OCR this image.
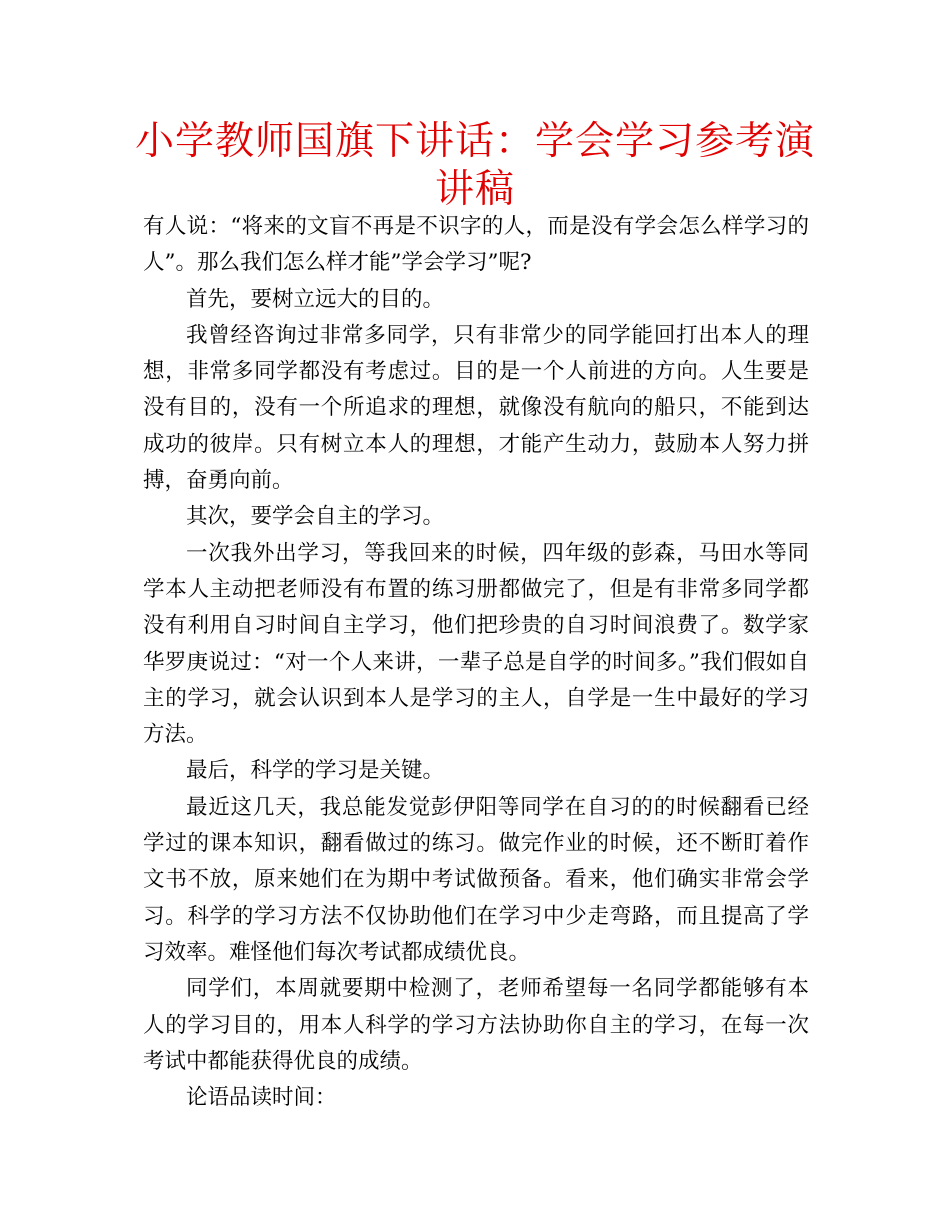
小学教师国旗下讲话：学会学习参考演讲稿

有人说：“将来的文盲不再是不识字的人，而是没有学会怎么样学习的人”。那么我们怎么样才能”学会学习”呢?

首先，要树立远大的目的。

我曾经咨询过非常多同学，只有非常少的同学能回打出本人的理想，非常多同学都没有考虑过。目的是一个人前进的方向。人生要是没有目的，没有一个所追求的理想，就像没有航向的船只，不能到达成功的彼岸。只有树立本人的理想，才能产生动力，鼓励本人努力拼搏，奋勇向前。

其次，要学会自主的学习。

一次我外出学习，等我回来的时候，四年级的彭森，马田水等同学本人主动把老师没有布置的练习册都做完了，但是有非常多同学都没有利用自习时间自主学习，他们把珍贵的自习时间浪费了。数学家华罗庚说过：“对一个人来讲，一辈子总是自学的时间多。”我们假如自主的学习，就会认识到本人是学习的主人，自学是一生中最好的学习方法。

最后，科学的学习是关键。

最近这几天，我总能发觉彭伊阳等同学在自习的的时候翻看已经学过的课本知识，翻看做过的练习。做完作业的时候，还不断盯着作文书不放，原来她们在为期中考试做预备。看来，他们确实非常会学习。科学的学习方法不仅协助他们在学习中少走弯路，而且提高了学习效率。难怪他们每次考试都成绩优良。

同学们，本周就要期中检测了，老师希望每一名同学都能够有本人的学习目的，用本人科学的学习方法协助你自主的学习，在每一次考试中都能获得优良的成绩。

论语品读时间：
